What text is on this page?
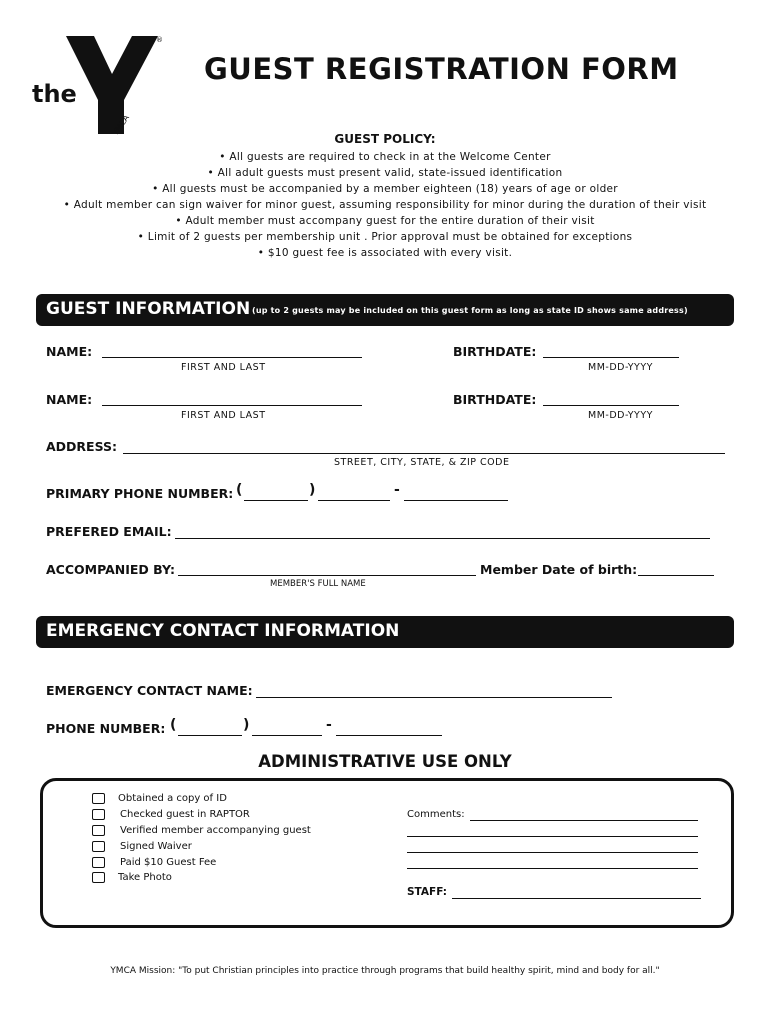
the
YMCA
®
GUEST REGISTRATION FORM
GUEST POLICY:
• All guests are required to check in at the Welcome Center
• All adult guests must present valid, state-issued identification
• All guests must be accompanied by a member eighteen (18) years of age or older
• Adult member can sign waiver for minor guest, assuming responsibility for minor during the duration of their visit
• Adult member must accompany guest for the entire duration of their visit
• Limit of 2 guests per membership unit . Prior approval must be obtained for exceptions
• $10 guest fee is associated with every visit.
GUEST INFORMATION (up to 2 guests may be included on this guest form as long as state ID shows same address)
NAME:
FIRST AND LAST
BIRTHDATE:
MM-DD-YYYY
NAME:
FIRST AND LAST
BIRTHDATE:
MM-DD-YYYY
ADDRESS:
STREET, CITY, STATE, & ZIP CODE
PRIMARY PHONE NUMBER: (	)	-
PREFERED EMAIL:
ACCOMPANIED BY:
MEMBER'S FULL NAME
Member Date of birth:
EMERGENCY CONTACT INFORMATION
EMERGENCY CONTACT NAME:
PHONE NUMBER: (	)	-
ADMINISTRATIVE USE ONLY
Obtained a copy of ID
Checked guest in RAPTOR
Verified member accompanying guest
Signed Waiver
Paid $10 Guest Fee
Take Photo
Comments:
STAFF:
YMCA Mission: "To put Christian principles into practice through programs that build healthy spirit, mind and body for all."
